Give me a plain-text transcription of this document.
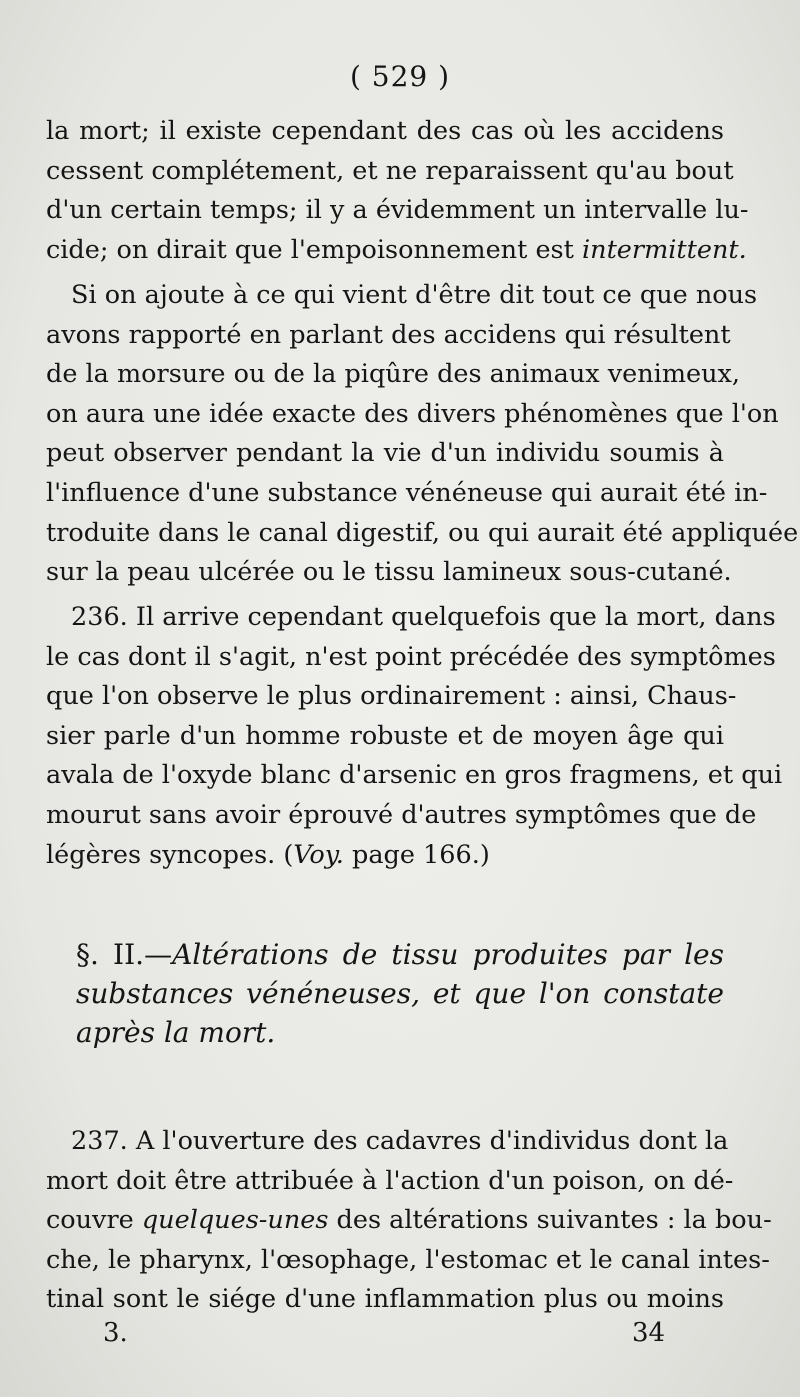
( 529 )
la mort; il existe cependant des cas où les accidens
cessent complétement, et ne reparaissent qu'au bout
d'un certain temps; il y a évidemment un intervalle lu-
cide; on dirait que l'empoisonnement est intermittent.
Si on ajoute à ce qui vient d'être dit tout ce que nous
avons rapporté en parlant des accidens qui résultent
de la morsure ou de la piqûre des animaux venimeux,
on aura une idée exacte des divers phénomènes que l'on
peut observer pendant la vie d'un individu soumis à
l'influence d'une substance vénéneuse qui aurait été in-
troduite dans le canal digestif, ou qui aurait été appliquée
sur la peau ulcérée ou le tissu lamineux sous-cutané.
236. Il arrive cependant quelquefois que la mort, dans
le cas dont il s'agit, n'est point précédée des symptômes
que l'on observe le plus ordinairement : ainsi, Chaus-
sier parle d'un homme robuste et de moyen âge qui
avala de l'oxyde blanc d'arsenic en gros fragmens, et qui
mourut sans avoir éprouvé d'autres symptômes que de
légères syncopes. (Voy. page 166.)
§. II.—Altérations de tissu produites par les
substances vénéneuses, et que l'on constate
après la mort.
237. A l'ouverture des cadavres d'individus dont la
mort doit être attribuée à l'action d'un poison, on dé-
couvre quelques-unes des altérations suivantes : la bou-
che, le pharynx, l'œsophage, l'estomac et le canal intes-
tinal sont le siége d'une inflammation plus ou moins
3.	34
